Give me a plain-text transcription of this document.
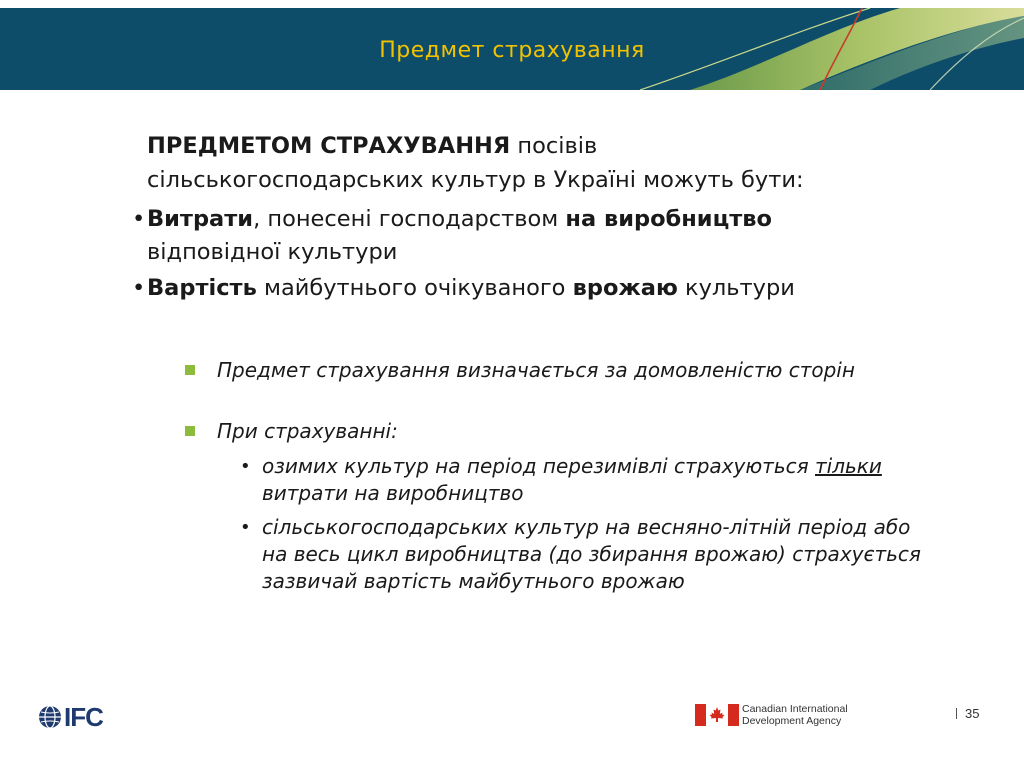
Предмет страхування
ПРЕДМЕТОМ СТРАХУВАННЯ посівів
сільськогосподарських культур в Україні можуть бути:
• Витрати, понесені господарством на виробництво
відповідної культури
• Вартість майбутнього очікуваного врожаю культури
Предмет страхування визначається за домовленістю сторін
При страхуванні:
• озимих культур на період перезимівлі страхуються тільки витрати на виробництво
• сільськогосподарських культур на весняно-літній період або на весь цикл виробництва (до збирання врожаю) страхується зазвичай вартість майбутнього врожаю
IFC	Canadian International
Development Agency	35
